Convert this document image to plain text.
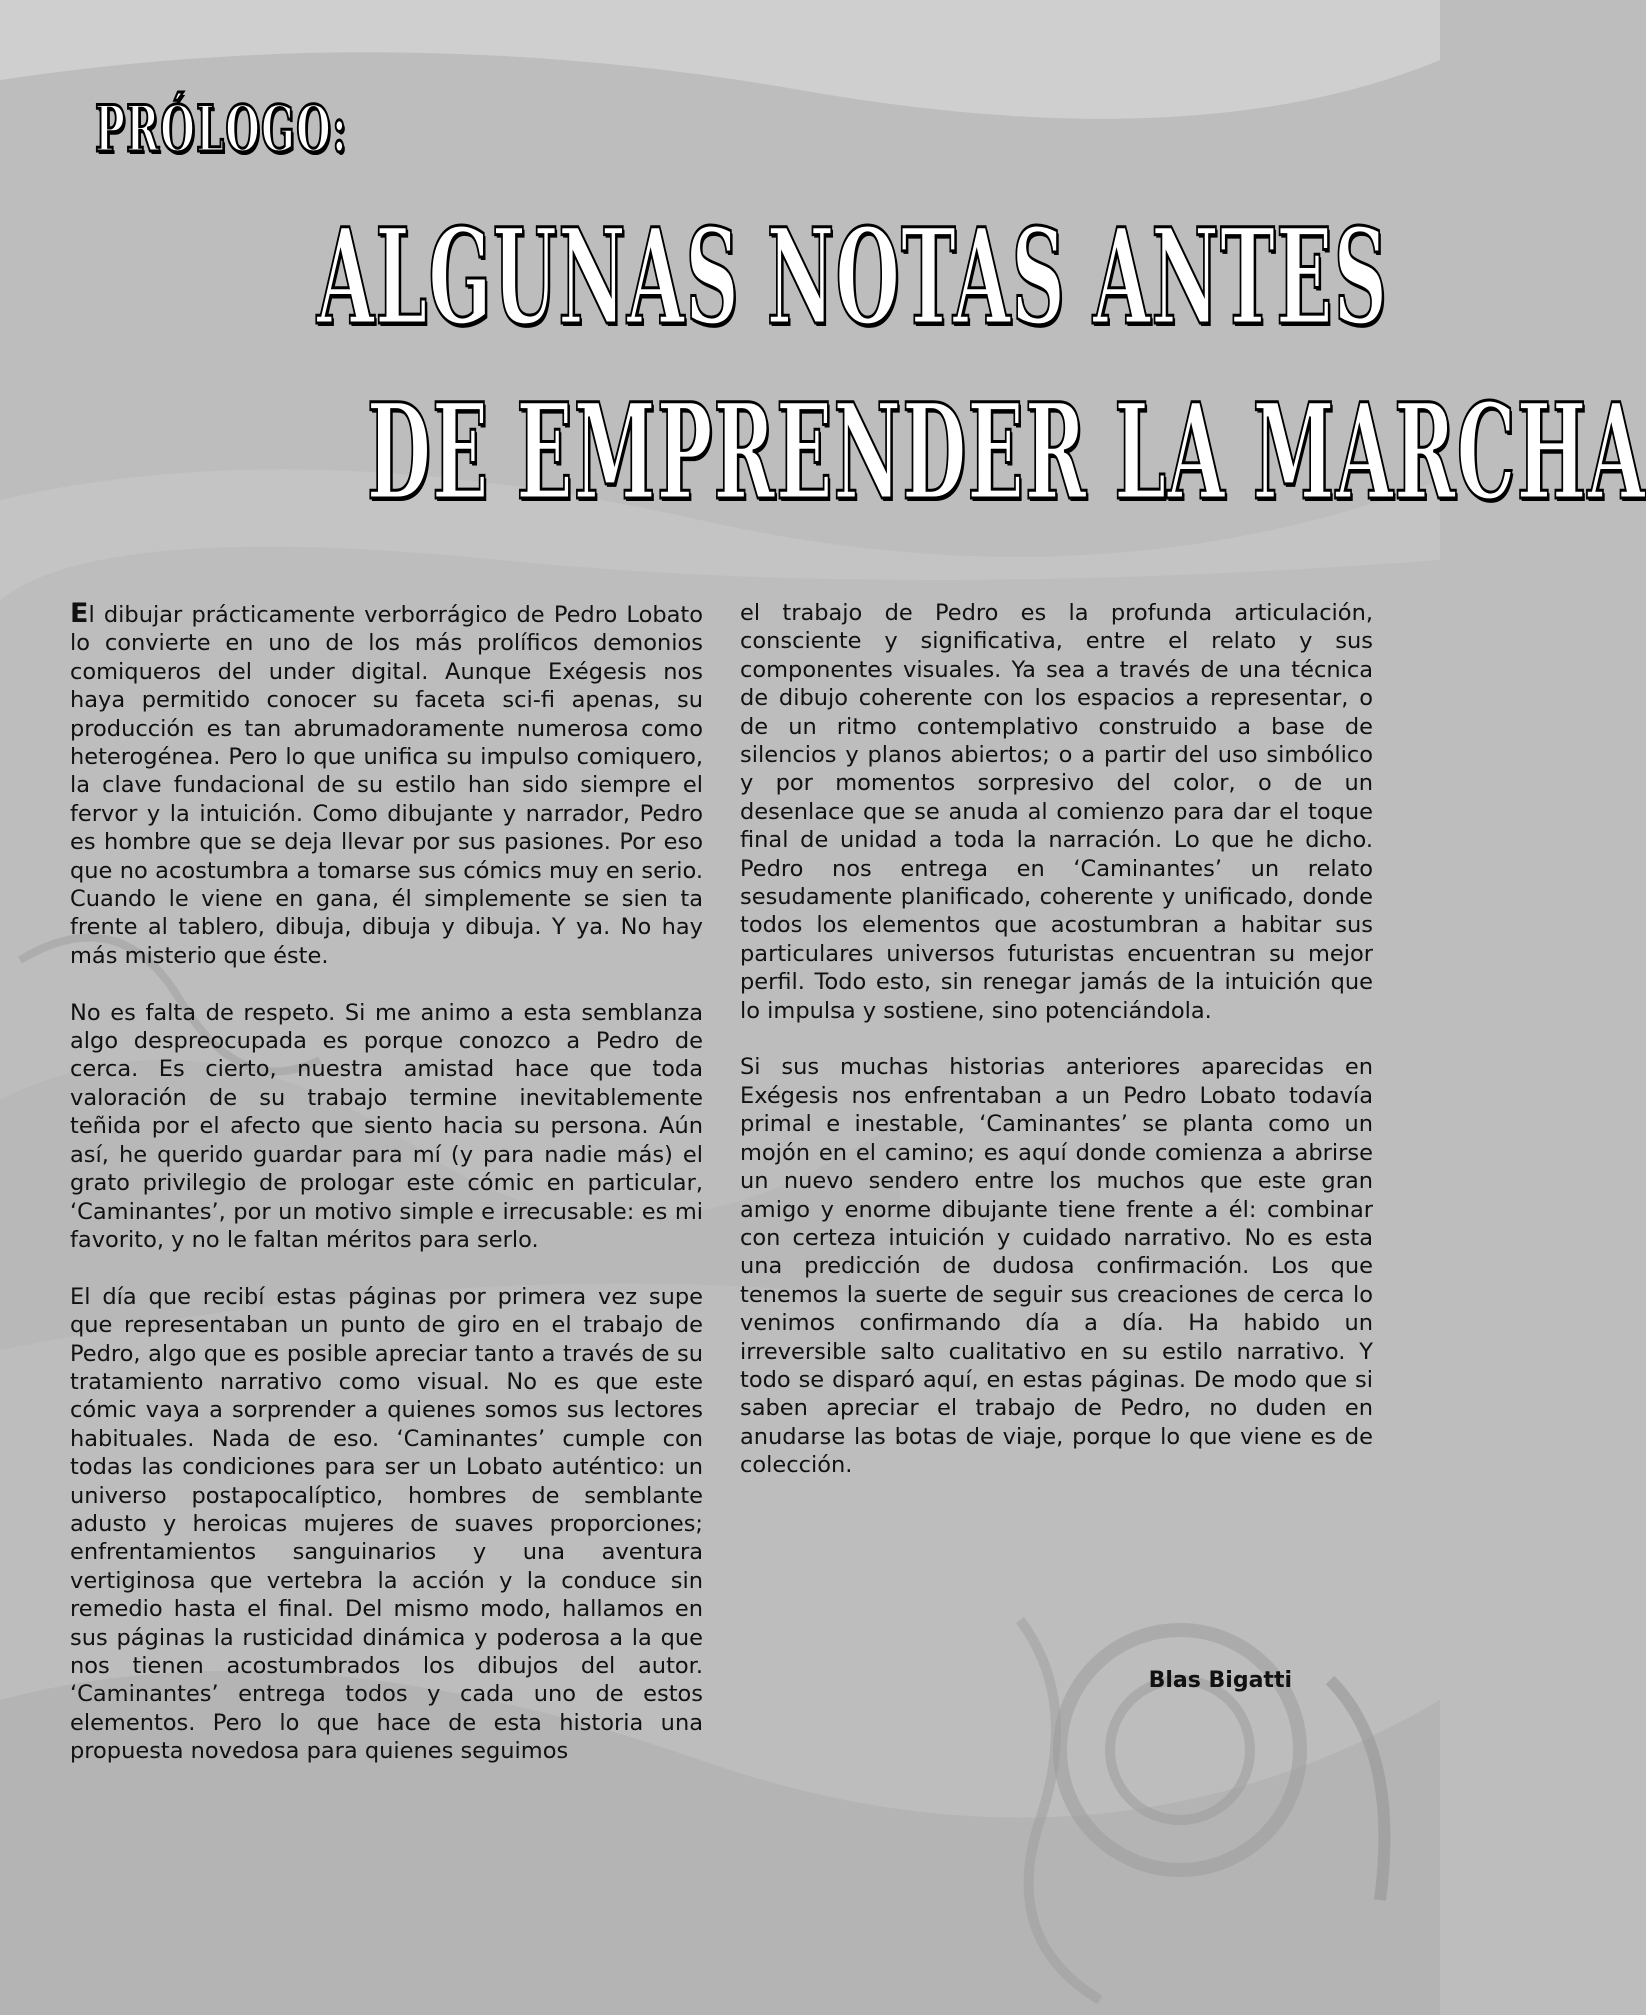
PRÓLOGO:
ALGUNAS NOTAS ANTES
DE EMPRENDER LA MARCHA

El dibujar prácticamente verborrágico de Pedro Lobato lo convierte en uno de los más prolíficos demonios comiqueros del under digital. Aunque Exégesis nos haya permitido conocer su faceta sci-fi apenas, su producción es tan abrumadoramente numerosa como heterogénea. Pero lo que unifica su impulso comiquero, la clave fundacional de su estilo han sido siempre el fervor y la intuición. Como dibujante y narrador, Pedro es hombre que se deja llevar por sus pasiones. Por eso que no acostumbra a tomarse sus cómics muy en serio. Cuando le viene en gana, él simplemente se sien ta frente al tablero, dibuja, dibuja y dibuja. Y ya. No hay más misterio que éste.

No es falta de respeto. Si me animo a esta semblanza algo despreocupada es porque conozco a Pedro de cerca. Es cierto, nuestra amistad hace que toda valoración de su trabajo termine inevitablemente teñida por el afecto que siento hacia su persona. Aún así, he querido guardar para mí (y para nadie más) el grato privilegio de prologar este cómic en particular, ‘Caminantes’, por un motivo simple e irrecusable: es mi favorito, y no le faltan méritos para serlo.

El día que recibí estas páginas por primera vez supe que representaban un punto de giro en el trabajo de Pedro, algo que es posible apreciar tanto a través de su tratamiento narrativo como visual. No es que este cómic vaya a sorprender a quienes somos sus lectores habituales. Nada de eso. ‘Caminantes’ cumple con todas las condiciones para ser un Lobato auténtico: un universo postapocalíptico, hombres de semblante adusto y heroicas mujeres de suaves proporciones; enfrentamientos sanguinarios y una aventura vertiginosa que vertebra la acción y la conduce sin remedio hasta el final. Del mismo modo, hallamos en sus páginas la rusticidad dinámica y poderosa a la que nos tienen acostumbrados los dibujos del autor. ‘Caminantes’ entrega todos y cada uno de estos elementos. Pero lo que hace de esta historia una propuesta novedosa para quienes seguimos

el trabajo de Pedro es la profunda articulación, consciente y significativa, entre el relato y sus componentes visuales. Ya sea a través de una técnica de dibujo coherente con los espacios a representar, o de un ritmo contemplativo construido a base de silencios y planos abiertos; o a partir del uso simbólico y por momentos sorpresivo del color, o de un desenlace que se anuda al comienzo para dar el toque final de unidad a toda la narración. Lo que he dicho. Pedro nos entrega en ‘Caminantes’ un relato sesudamente planificado, coherente y unificado, donde todos los elementos que acostumbran a habitar sus particulares universos futuristas encuentran su mejor perfil. Todo esto, sin renegar jamás de la intuición que lo impulsa y sostiene, sino potenciándola.

Si sus muchas historias anteriores aparecidas en Exégesis nos enfrentaban a un Pedro Lobato todavía primal e inestable, ‘Caminantes’ se planta como un mojón en el camino; es aquí donde comienza a abrirse un nuevo sendero entre los muchos que este gran amigo y enorme dibujante tiene frente a él: combinar con certeza intuición y cuidado narrativo. No es esta una predicción de dudosa confirmación. Los que tenemos la suerte de seguir sus creaciones de cerca lo venimos confirmando día a día. Ha habido un irreversible salto cualitativo en su estilo narrativo. Y todo se disparó aquí, en estas páginas. De modo que si saben apreciar el trabajo de Pedro, no duden en anudarse las botas de viaje, porque lo que viene es de colección.

Blas Bigatti
